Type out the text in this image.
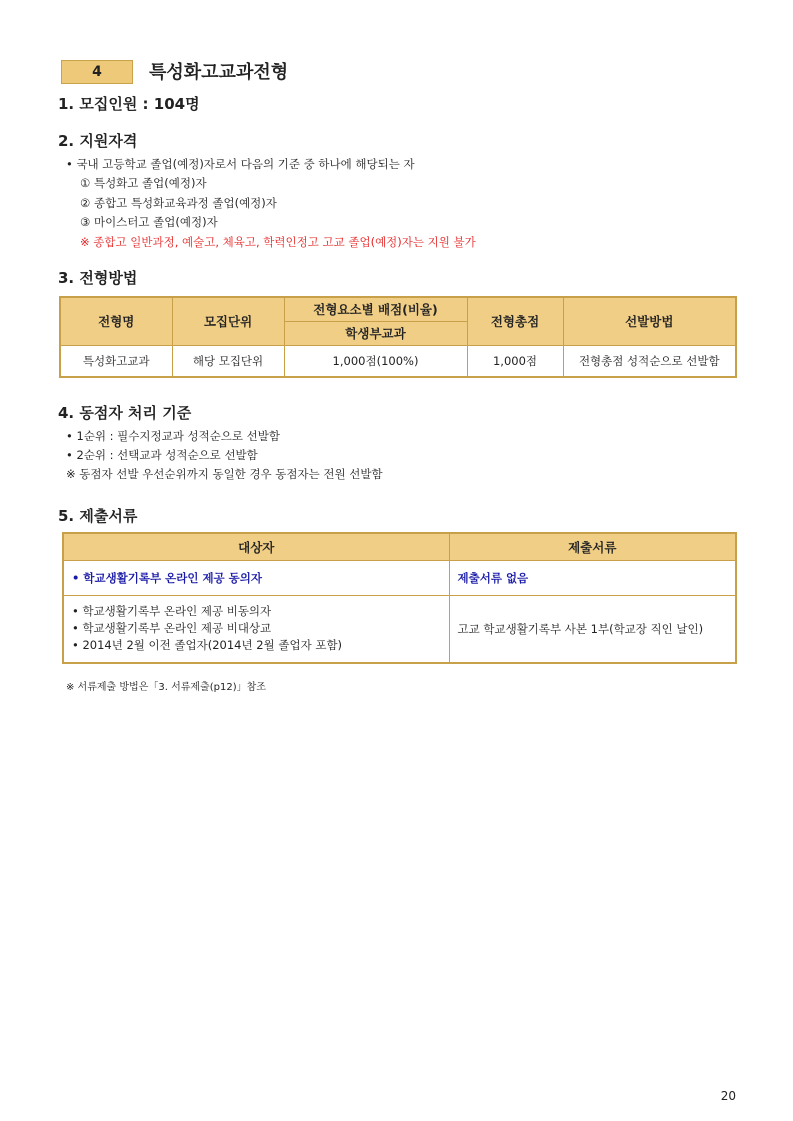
4	특성화고교과전형
1. 모집인원 : 104명
2. 지원자격
• 국내 고등학교 졸업(예정)자로서 다음의 기준 중 하나에 해당되는 자
① 특성화고 졸업(예정)자
② 종합고 특성화교육과정 졸업(예정)자
③ 마이스터고 졸업(예정)자
※ 종합고 일반과정, 예술고, 체육고, 학력인정고 고교 졸업(예정)자는 지원 불가
3. 전형방법
전형명	모집단위	전형요소별 배점(비율)	전형총점	선발방법
		학생부교과		
특성화고교과	해당 모집단위	1,000점(100%)	1,000점	전형총점 성적순으로 선발함
4. 동점자 처리 기준
• 1순위 : 필수지정교과 성적순으로 선발함
• 2순위 : 선택교과 성적순으로 선발함
※ 동점자 선발 우선순위까지 동일한 경우 동점자는 전원 선발함
5. 제출서류
대상자	제출서류
• 학교생활기록부 온라인 제공 동의자	제출서류 없음

• 학교생활기록부 온라인 제공 비동의자
• 학교생활기록부 온라인 제공 비대상교
• 2014년 2월 이전 졸업자(2014년 2월 졸업자 포함)	고교 학교생활기록부 사본 1부(학교장 직인 날인)
※ 서류제출 방법은「3. 서류제출(p12)」참조
20
